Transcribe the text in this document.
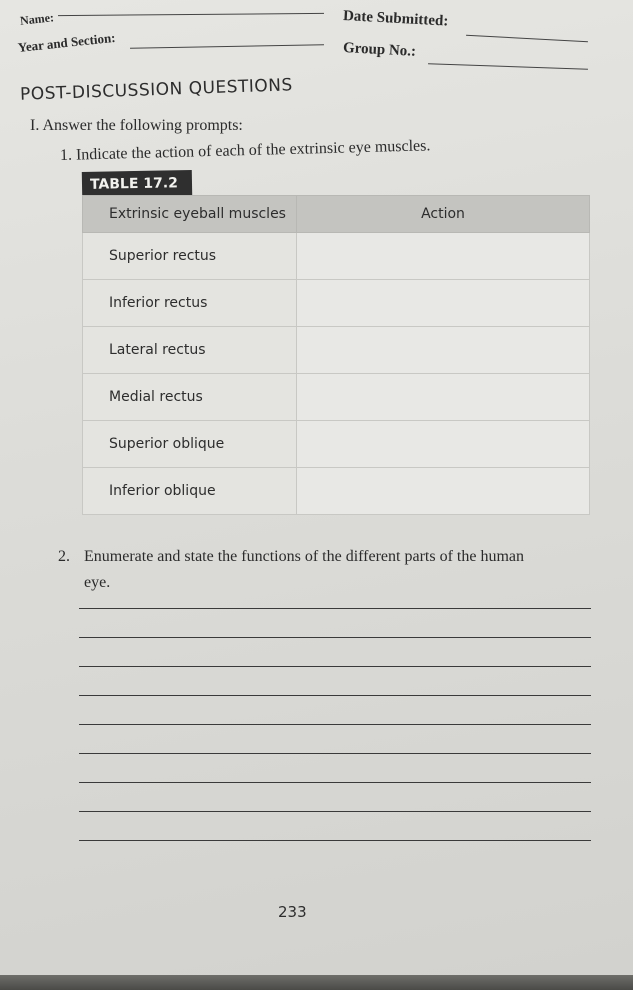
Name:
Year and Section:
Date Submitted:
Group No.:
POST-DISCUSSION QUESTIONS
I. Answer the following prompts:
1. Indicate the action of each of the extrinsic eye muscles.
TABLE 17.2
Extrinsic eyeball muscles	Action
Superior rectus	
Inferior rectus	
Lateral rectus	
Medial rectus	
Superior oblique	
Inferior oblique	
2. Enumerate and state the functions of the different parts of the human
eye.
233
